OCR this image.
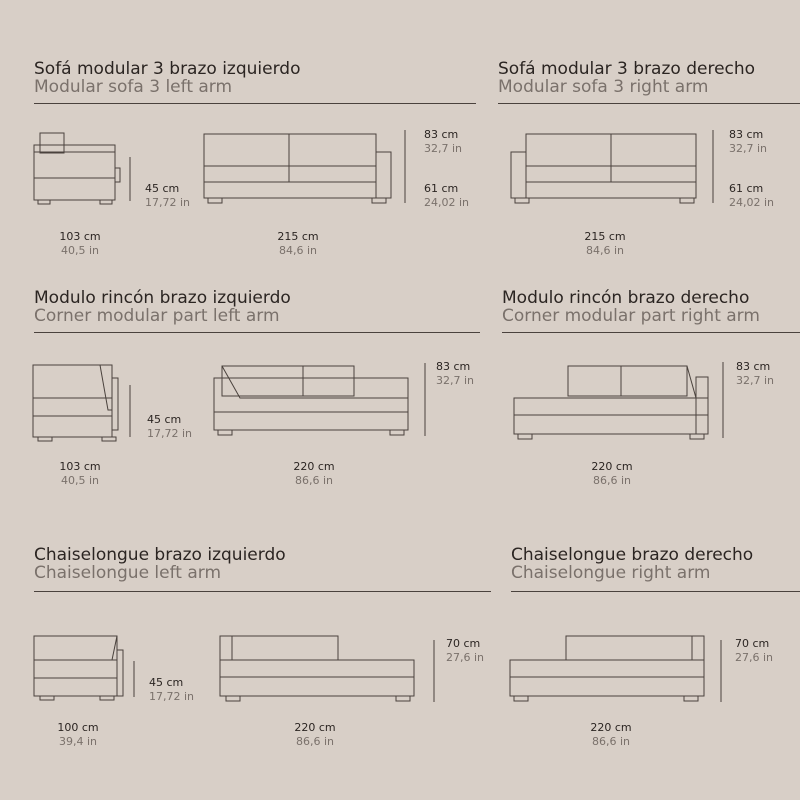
Sofá modular 3 brazo izquierdo
Modular sofa 3 left arm
45 cm
17,72 in
103 cm
40,5 in
215 cm
84,6 in
83 cm
32,7 in
61 cm
24,02 in
Sofá modular 3 brazo derecho
Modular sofa 3 right arm
215 cm
84,6 in
83 cm
32,7 in
61 cm
24,02 in
Modulo rincón brazo izquierdo
Corner modular part left arm
45 cm
17,72 in
103 cm
40,5 in
220 cm
86,6 in
83 cm
32,7 in
Modulo rincón brazo derecho
Corner modular part right arm
220 cm
86,6 in
83 cm
32,7 in
Chaiselongue brazo izquierdo
Chaiselongue left arm
45 cm
17,72 in
100 cm
39,4 in
220 cm
86,6 in
70 cm
27,6 in
Chaiselongue brazo derecho
Chaiselongue right arm
220 cm
86,6 in
70 cm
27,6 in
